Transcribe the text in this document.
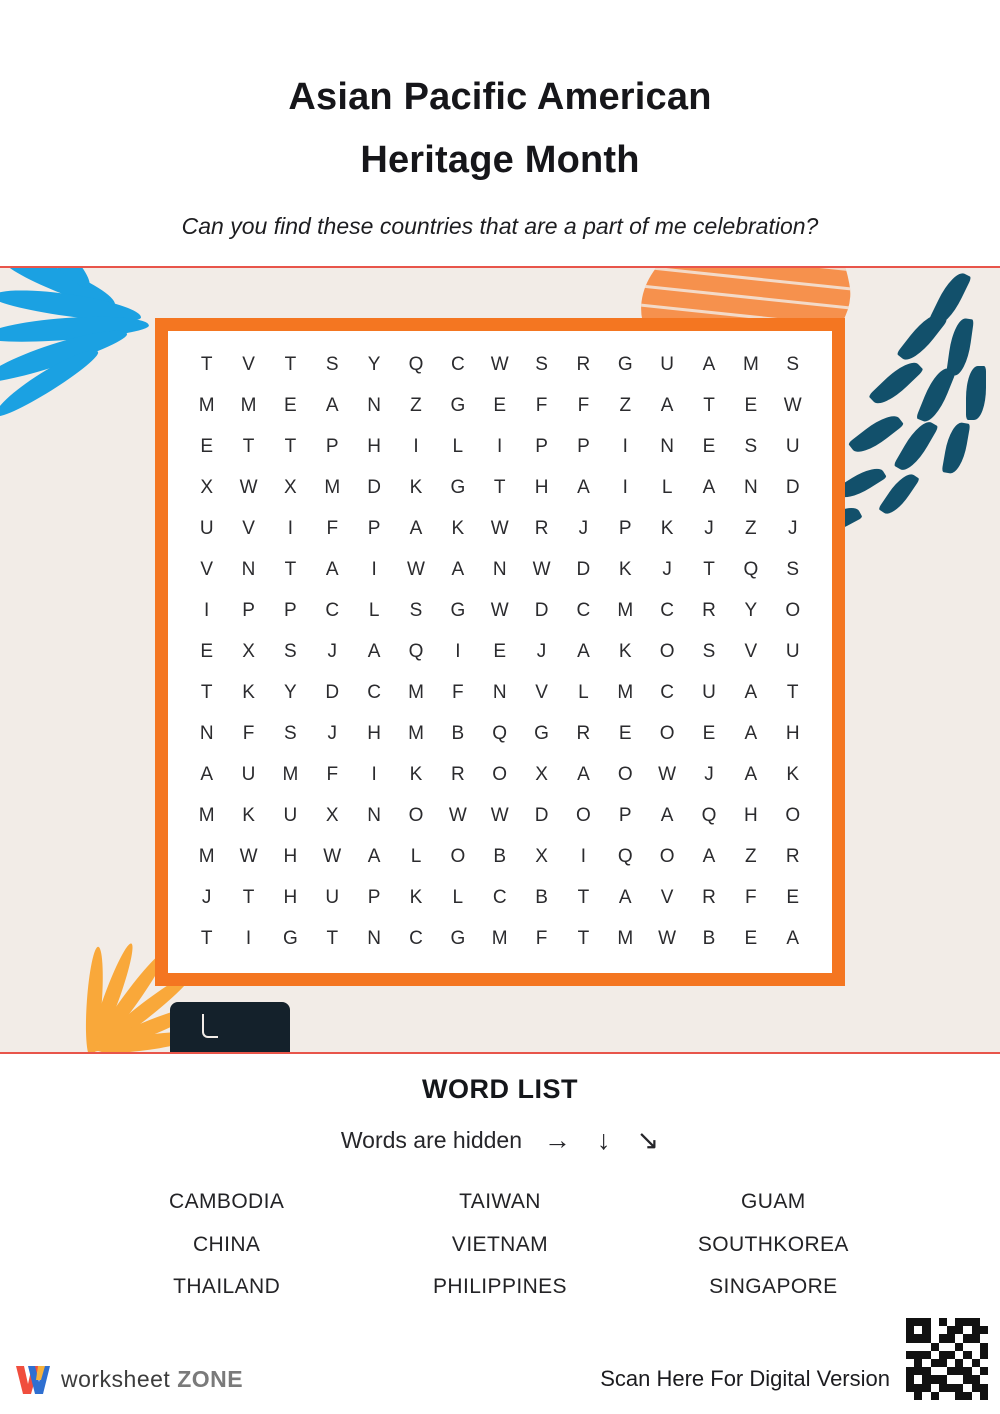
Asian Pacific American
Heritage Month

Can you find these countries that are a part of me celebration?

T	V	T	S	Y	Q	C	W	S	R	G	U	A	M	S
M	M	E	A	N	Z	G	E	F	F	Z	A	T	E	W
E	T	T	P	H	I	L	I	P	P	I	N	E	S	U
X	W	X	M	D	K	G	T	H	A	I	L	A	N	D
U	V	I	F	P	A	K	W	R	J	P	K	J	Z	J
V	N	T	A	I	W	A	N	W	D	K	J	T	Q	S
I	P	P	C	L	S	G	W	D	C	M	C	R	Y	O
E	X	S	J	A	Q	I	E	J	A	K	O	S	V	U
T	K	Y	D	C	M	F	N	V	L	M	C	U	A	T
N	F	S	J	H	M	B	Q	G	R	E	O	E	A	H
A	U	M	F	I	K	R	O	X	A	O	W	J	A	K
M	K	U	X	N	O	W	W	D	O	P	A	Q	H	O
M	W	H	W	A	L	O	B	X	I	Q	O	A	Z	R
J	T	H	U	P	K	L	C	B	T	A	V	R	F	E
T	I	G	T	N	C	G	M	F	T	M	W	B	E	A
WORD LIST
Words are hidden → ↓ ↘
CAMBODIA	TAIWAN	GUAM
CHINA	VIETNAM	SOUTHKOREA
THAILAND	PHILIPPINES	SINGAPORE
worksheet ZONE	Scan Here For Digital Version
